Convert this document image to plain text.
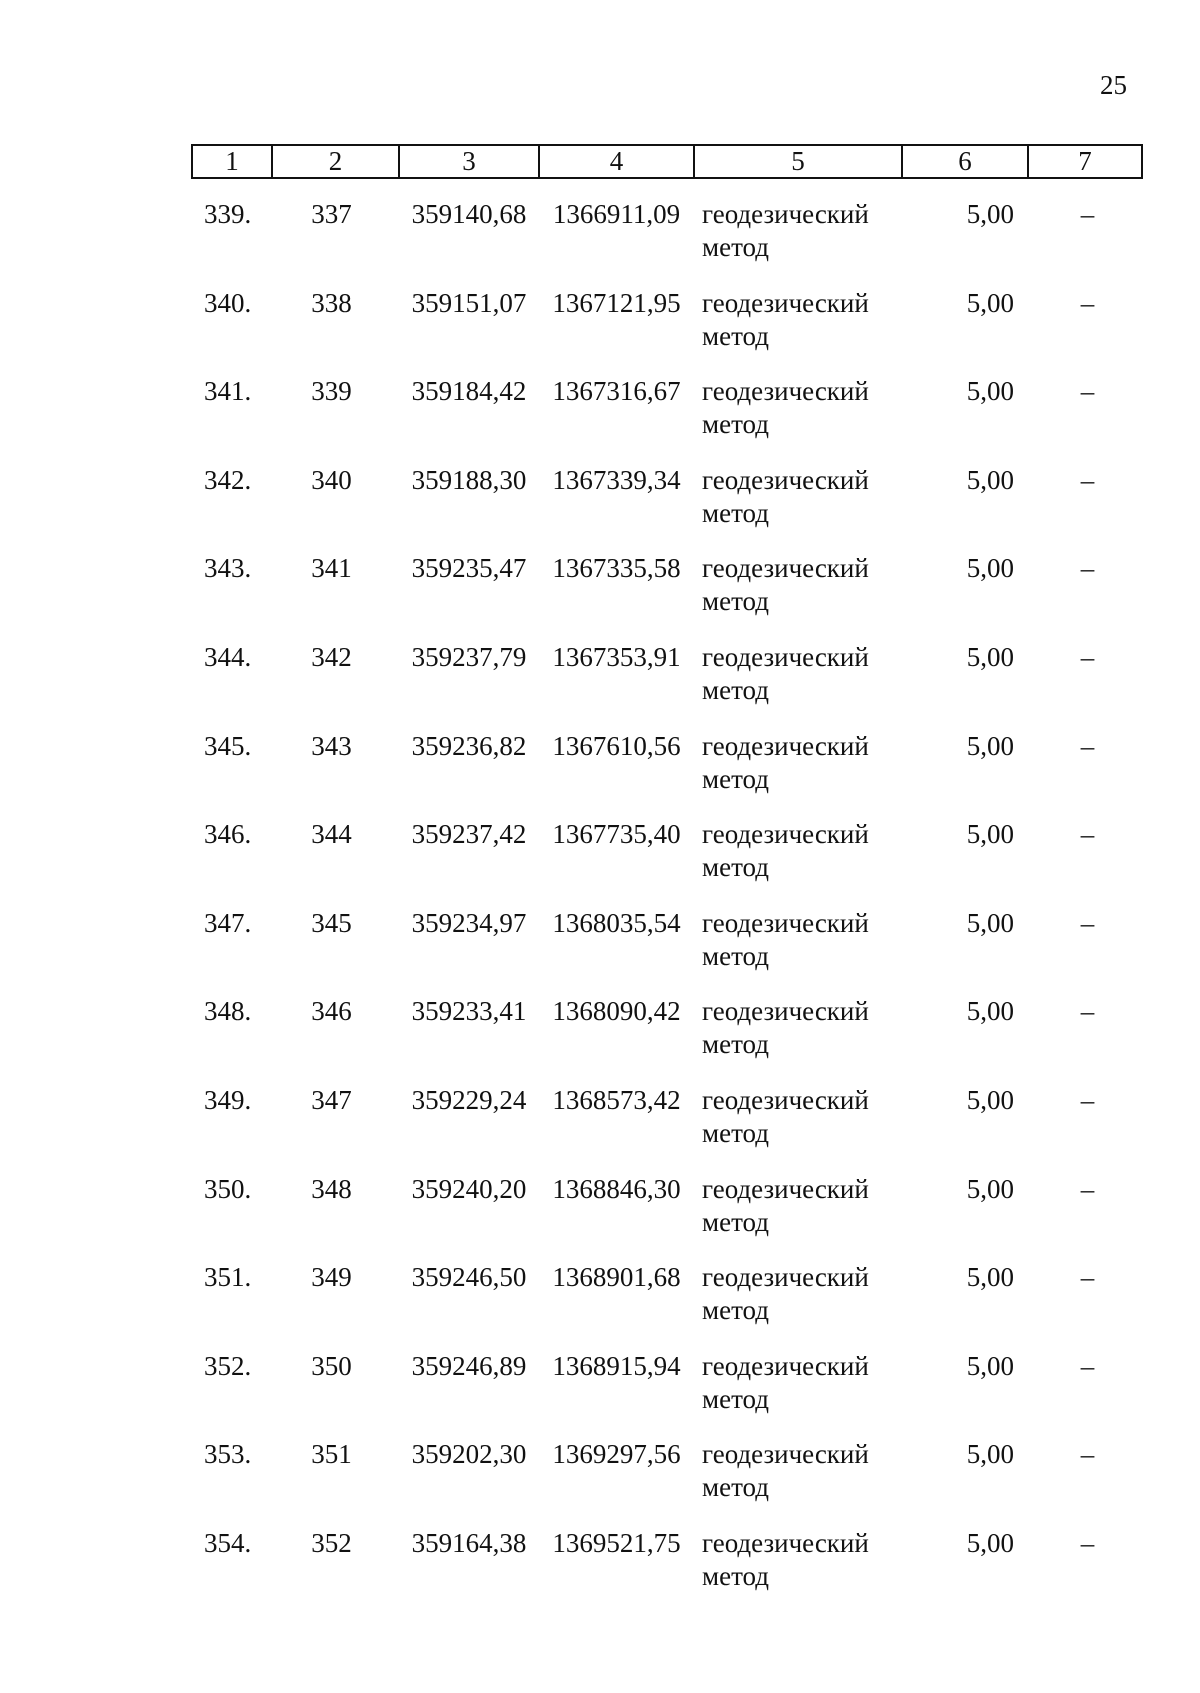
25
1	2	3	4	5	6	7

339.	337	359140,68	1366911,09	геодезический
метод	5,00	–
340.	338	359151,07	1367121,95	геодезический
метод	5,00	–
341.	339	359184,42	1367316,67	геодезический
метод	5,00	–
342.	340	359188,30	1367339,34	геодезический
метод	5,00	–
343.	341	359235,47	1367335,58	геодезический
метод	5,00	–
344.	342	359237,79	1367353,91	геодезический
метод	5,00	–
345.	343	359236,82	1367610,56	геодезический
метод	5,00	–
346.	344	359237,42	1367735,40	геодезический
метод	5,00	–
347.	345	359234,97	1368035,54	геодезический
метод	5,00	–
348.	346	359233,41	1368090,42	геодезический
метод	5,00	–
349.	347	359229,24	1368573,42	геодезический
метод	5,00	–
350.	348	359240,20	1368846,30	геодезический
метод	5,00	–
351.	349	359246,50	1368901,68	геодезический
метод	5,00	–
352.	350	359246,89	1368915,94	геодезический
метод	5,00	–
353.	351	359202,30	1369297,56	геодезический
метод	5,00	–
354.	352	359164,38	1369521,75	геодезический
метод	5,00	–
